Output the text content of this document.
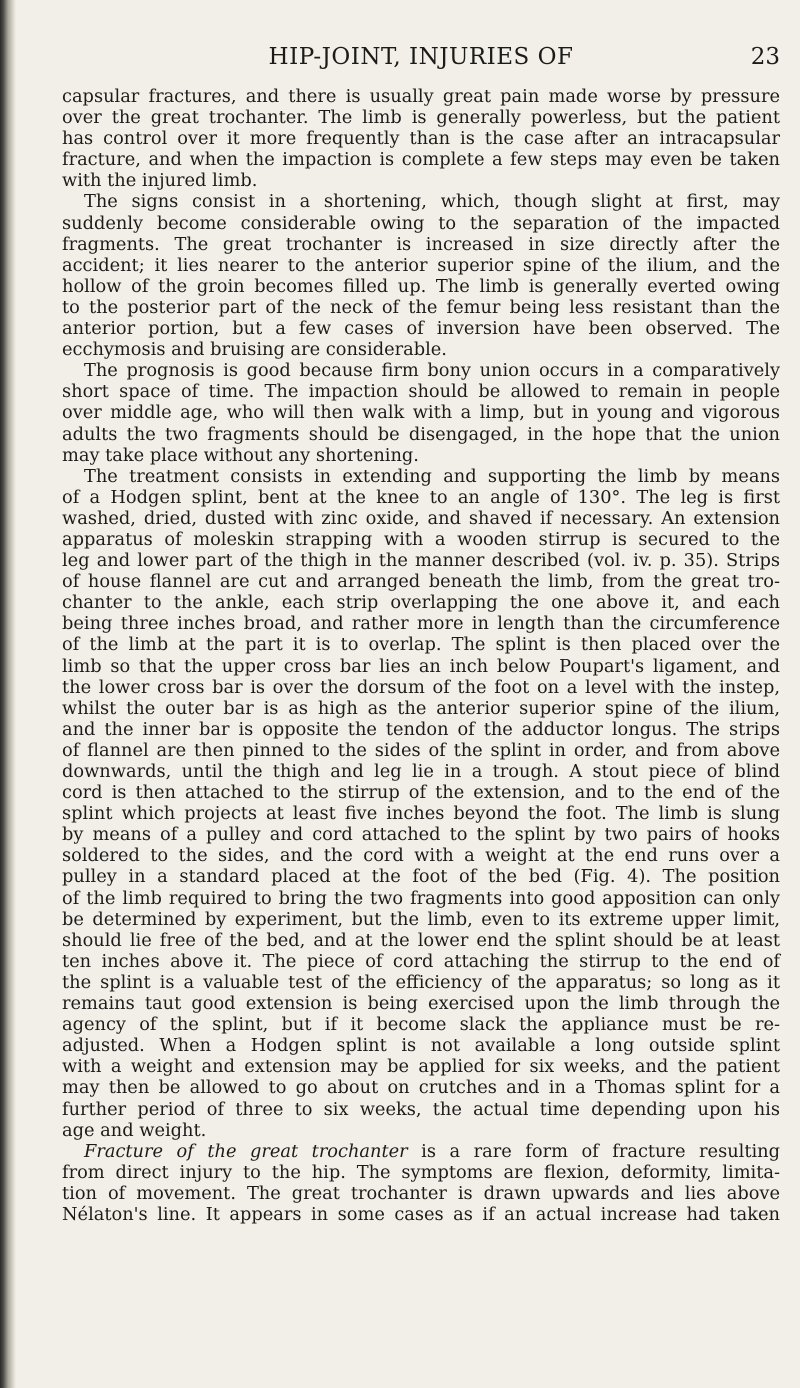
HIP-JOINT, INJURIES OF	23
capsular fractures, and there is usually great pain made worse by pressure
over the great trochanter. The limb is generally powerless, but the patient
has control over it more frequently than is the case after an intracapsular
fracture, and when the impaction is complete a few steps may even be taken
with the injured limb.
The signs consist in a shortening, which, though slight at first, may
suddenly become considerable owing to the separation of the impacted
fragments. The great trochanter is increased in size directly after the
accident; it lies nearer to the anterior superior spine of the ilium, and the
hollow of the groin becomes filled up. The limb is generally everted owing
to the posterior part of the neck of the femur being less resistant than the
anterior portion, but a few cases of inversion have been observed. The
ecchymosis and bruising are considerable.
The prognosis is good because firm bony union occurs in a comparatively
short space of time. The impaction should be allowed to remain in people
over middle age, who will then walk with a limp, but in young and vigorous
adults the two fragments should be disengaged, in the hope that the union
may take place without any shortening.
The treatment consists in extending and supporting the limb by means
of a Hodgen splint, bent at the knee to an angle of 130°. The leg is first
washed, dried, dusted with zinc oxide, and shaved if necessary. An extension
apparatus of moleskin strapping with a wooden stirrup is secured to the
leg and lower part of the thigh in the manner described (vol. iv. p. 35). Strips
of house flannel are cut and arranged beneath the limb, from the great tro-
chanter to the ankle, each strip overlapping the one above it, and each
being three inches broad, and rather more in length than the circumference
of the limb at the part it is to overlap. The splint is then placed over the
limb so that the upper cross bar lies an inch below Poupart's ligament, and
the lower cross bar is over the dorsum of the foot on a level with the instep,
whilst the outer bar is as high as the anterior superior spine of the ilium,
and the inner bar is opposite the tendon of the adductor longus. The strips
of flannel are then pinned to the sides of the splint in order, and from above
downwards, until the thigh and leg lie in a trough. A stout piece of blind
cord is then attached to the stirrup of the extension, and to the end of the
splint which projects at least five inches beyond the foot. The limb is slung
by means of a pulley and cord attached to the splint by two pairs of hooks
soldered to the sides, and the cord with a weight at the end runs over a
pulley in a standard placed at the foot of the bed (Fig. 4). The position
of the limb required to bring the two fragments into good apposition can only
be determined by experiment, but the limb, even to its extreme upper limit,
should lie free of the bed, and at the lower end the splint should be at least
ten inches above it. The piece of cord attaching the stirrup to the end of
the splint is a valuable test of the efficiency of the apparatus; so long as it
remains taut good extension is being exercised upon the limb through the
agency of the splint, but if it become slack the appliance must be re-
adjusted. When a Hodgen splint is not available a long outside splint
with a weight and extension may be applied for six weeks, and the patient
may then be allowed to go about on crutches and in a Thomas splint for a
further period of three to six weeks, the actual time depending upon his
age and weight.
Fracture of the great trochanter is a rare form of fracture resulting
from direct injury to the hip. The symptoms are flexion, deformity, limita-
tion of movement. The great trochanter is drawn upwards and lies above
Nélaton's line. It appears in some cases as if an actual increase had taken
